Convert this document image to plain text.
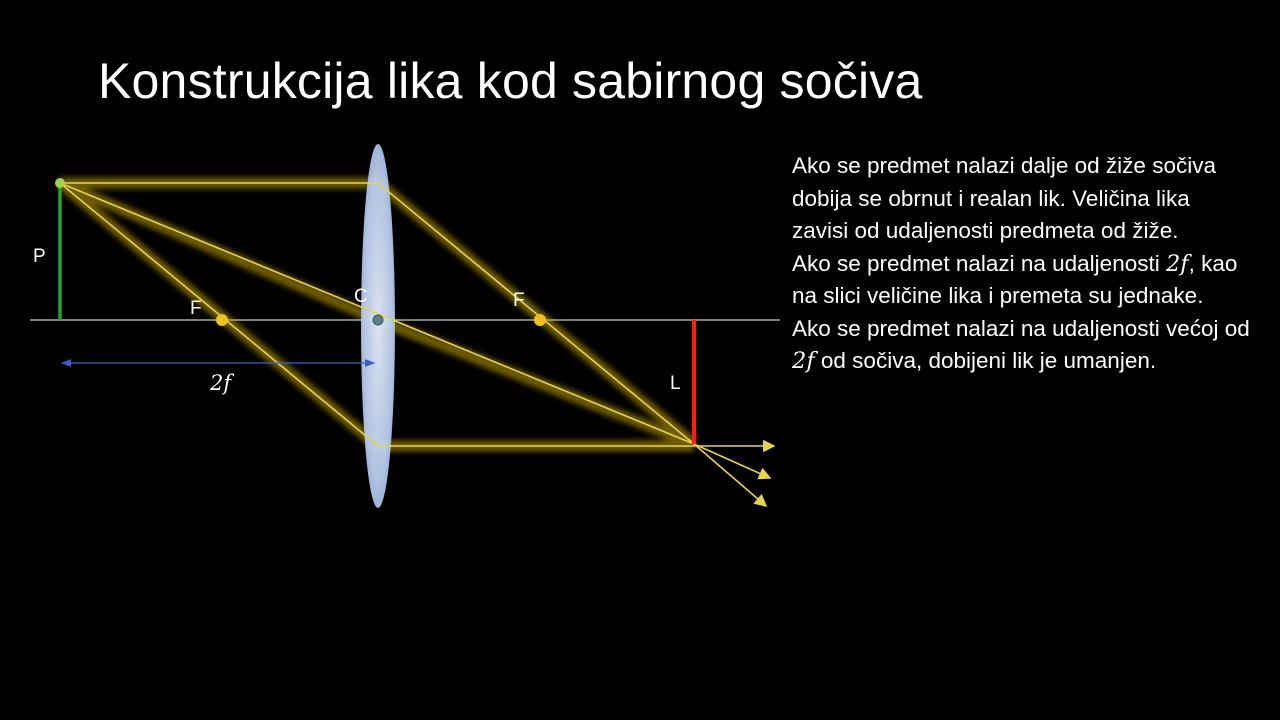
Konstrukcija lika kod sabirnog sočiva
P
F
C	F
L
2f

Ako se predmet nalazi dalje od žiže sočiva dobija se obrnut i realan lik. Veličina lika zavisi od udaljenosti predmeta od žiže.

Ako se predmet nalazi na udaljenosti 2𝑓, kao na slici veličine lika i premeta su jednake.

Ako se predmet nalazi na udaljenosti većoj od 2𝑓 od sočiva, dobijeni lik je umanjen.
